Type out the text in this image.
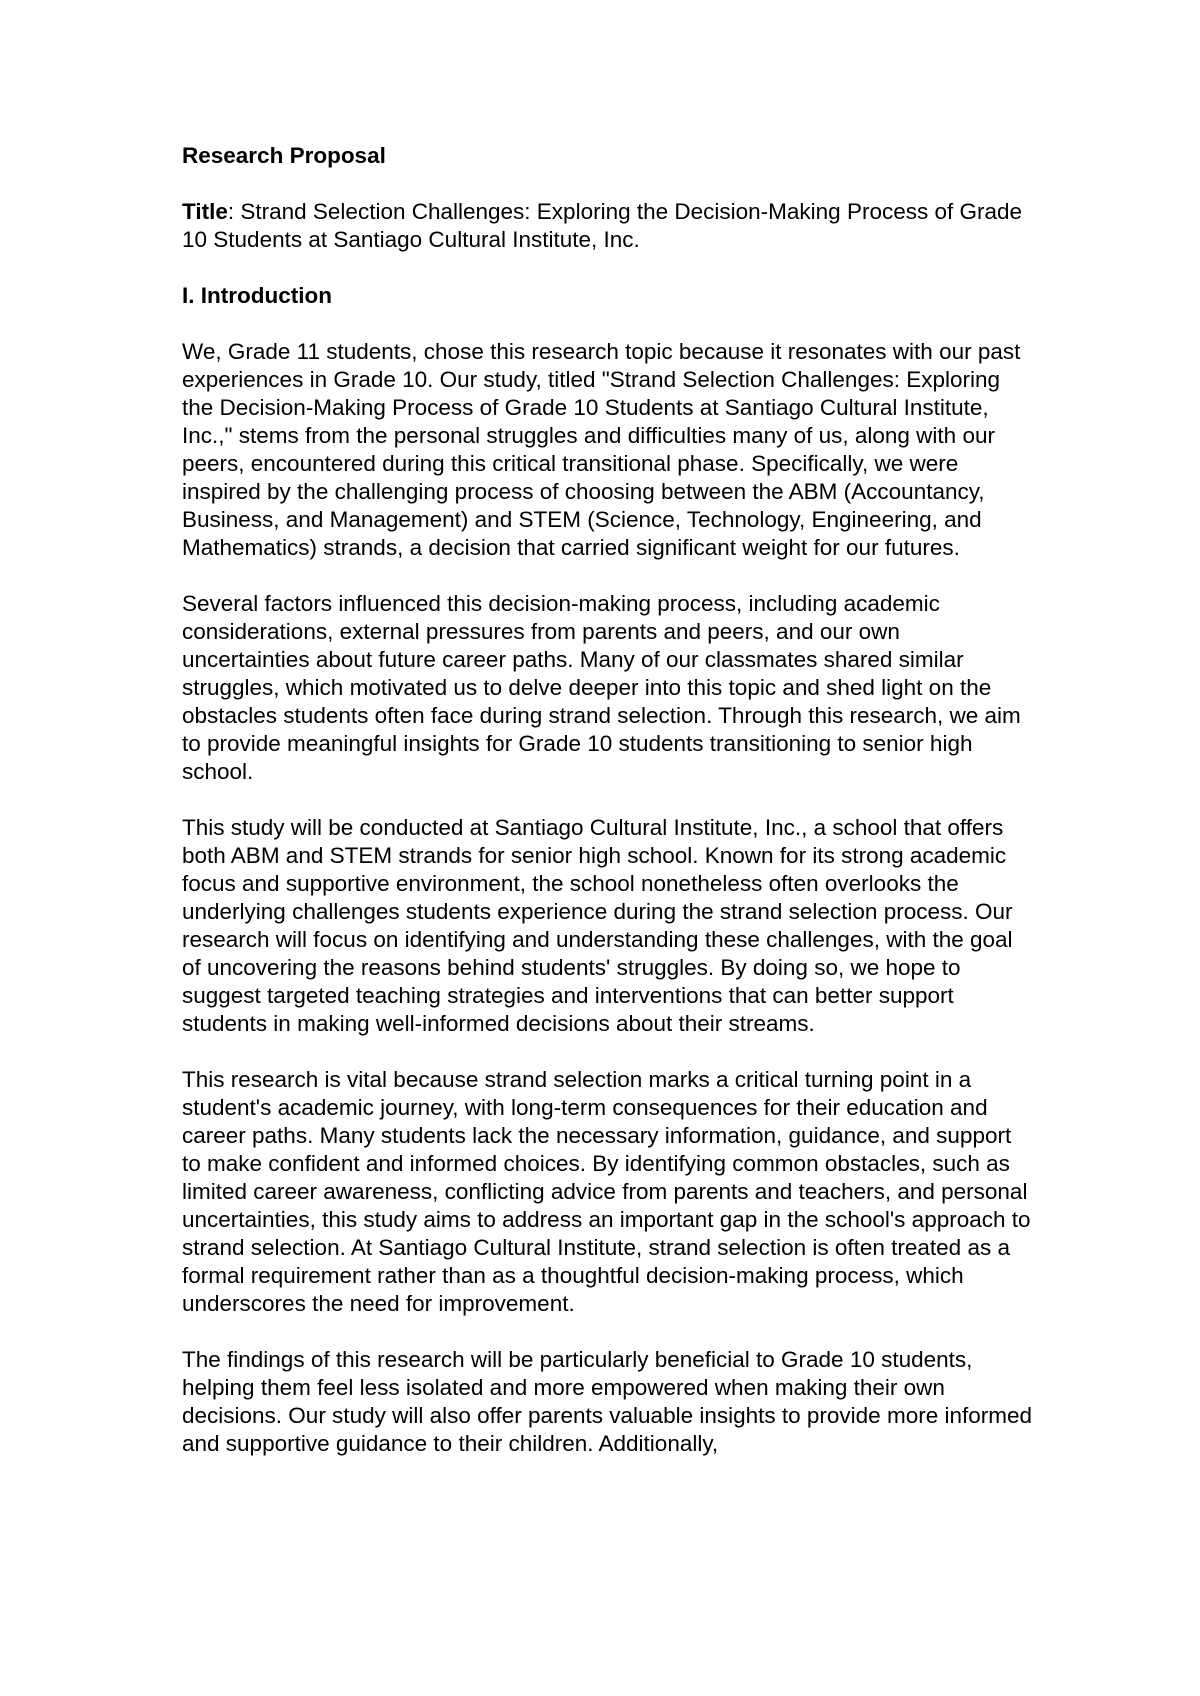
Research Proposal
Title: Strand Selection Challenges: Exploring the Decision-Making Process of Grade 10 Students at Santiago Cultural Institute, Inc.
I. Introduction

We, Grade 11 students, chose this research topic because it resonates with our past experiences in Grade 10. Our study, titled "Strand Selection Challenges: Exploring the Decision-Making Process of Grade 10 Students at Santiago Cultural Institute, Inc.," stems from the personal struggles and difficulties many of us, along with our peers, encountered during this critical transitional phase. Specifically, we were inspired by the challenging process of choosing between the ABM (Accountancy, Business, and Management) and STEM (Science, Technology, Engineering, and Mathematics) strands, a decision that carried significant weight for our futures.

Several factors influenced this decision-making process, including academic considerations, external pressures from parents and peers, and our own uncertainties about future career paths. Many of our classmates shared similar struggles, which motivated us to delve deeper into this topic and shed light on the obstacles students often face during strand selection. Through this research, we aim to provide meaningful insights for Grade 10 students transitioning to senior high school.

This study will be conducted at Santiago Cultural Institute, Inc., a school that offers both ABM and STEM strands for senior high school. Known for its strong academic focus and supportive environment, the school nonetheless often overlooks the underlying challenges students experience during the strand selection process. Our research will focus on identifying and understanding these challenges, with the goal of uncovering the reasons behind students' struggles. By doing so, we hope to suggest targeted teaching strategies and interventions that can better support students in making well-informed decisions about their streams.

This research is vital because strand selection marks a critical turning point in a student's academic journey, with long-term consequences for their education and career paths. Many students lack the necessary information, guidance, and support to make confident and informed choices. By identifying common obstacles, such as limited career awareness, conflicting advice from parents and teachers, and personal uncertainties, this study aims to address an important gap in the school's approach to strand selection. At Santiago Cultural Institute, strand selection is often treated as a formal requirement rather than as a thoughtful decision-making process, which underscores the need for improvement.

The findings of this research will be particularly beneficial to Grade 10 students, helping them feel less isolated and more empowered when making their own decisions. Our study will also offer parents valuable insights to provide more informed and supportive guidance to their children. Additionally,
